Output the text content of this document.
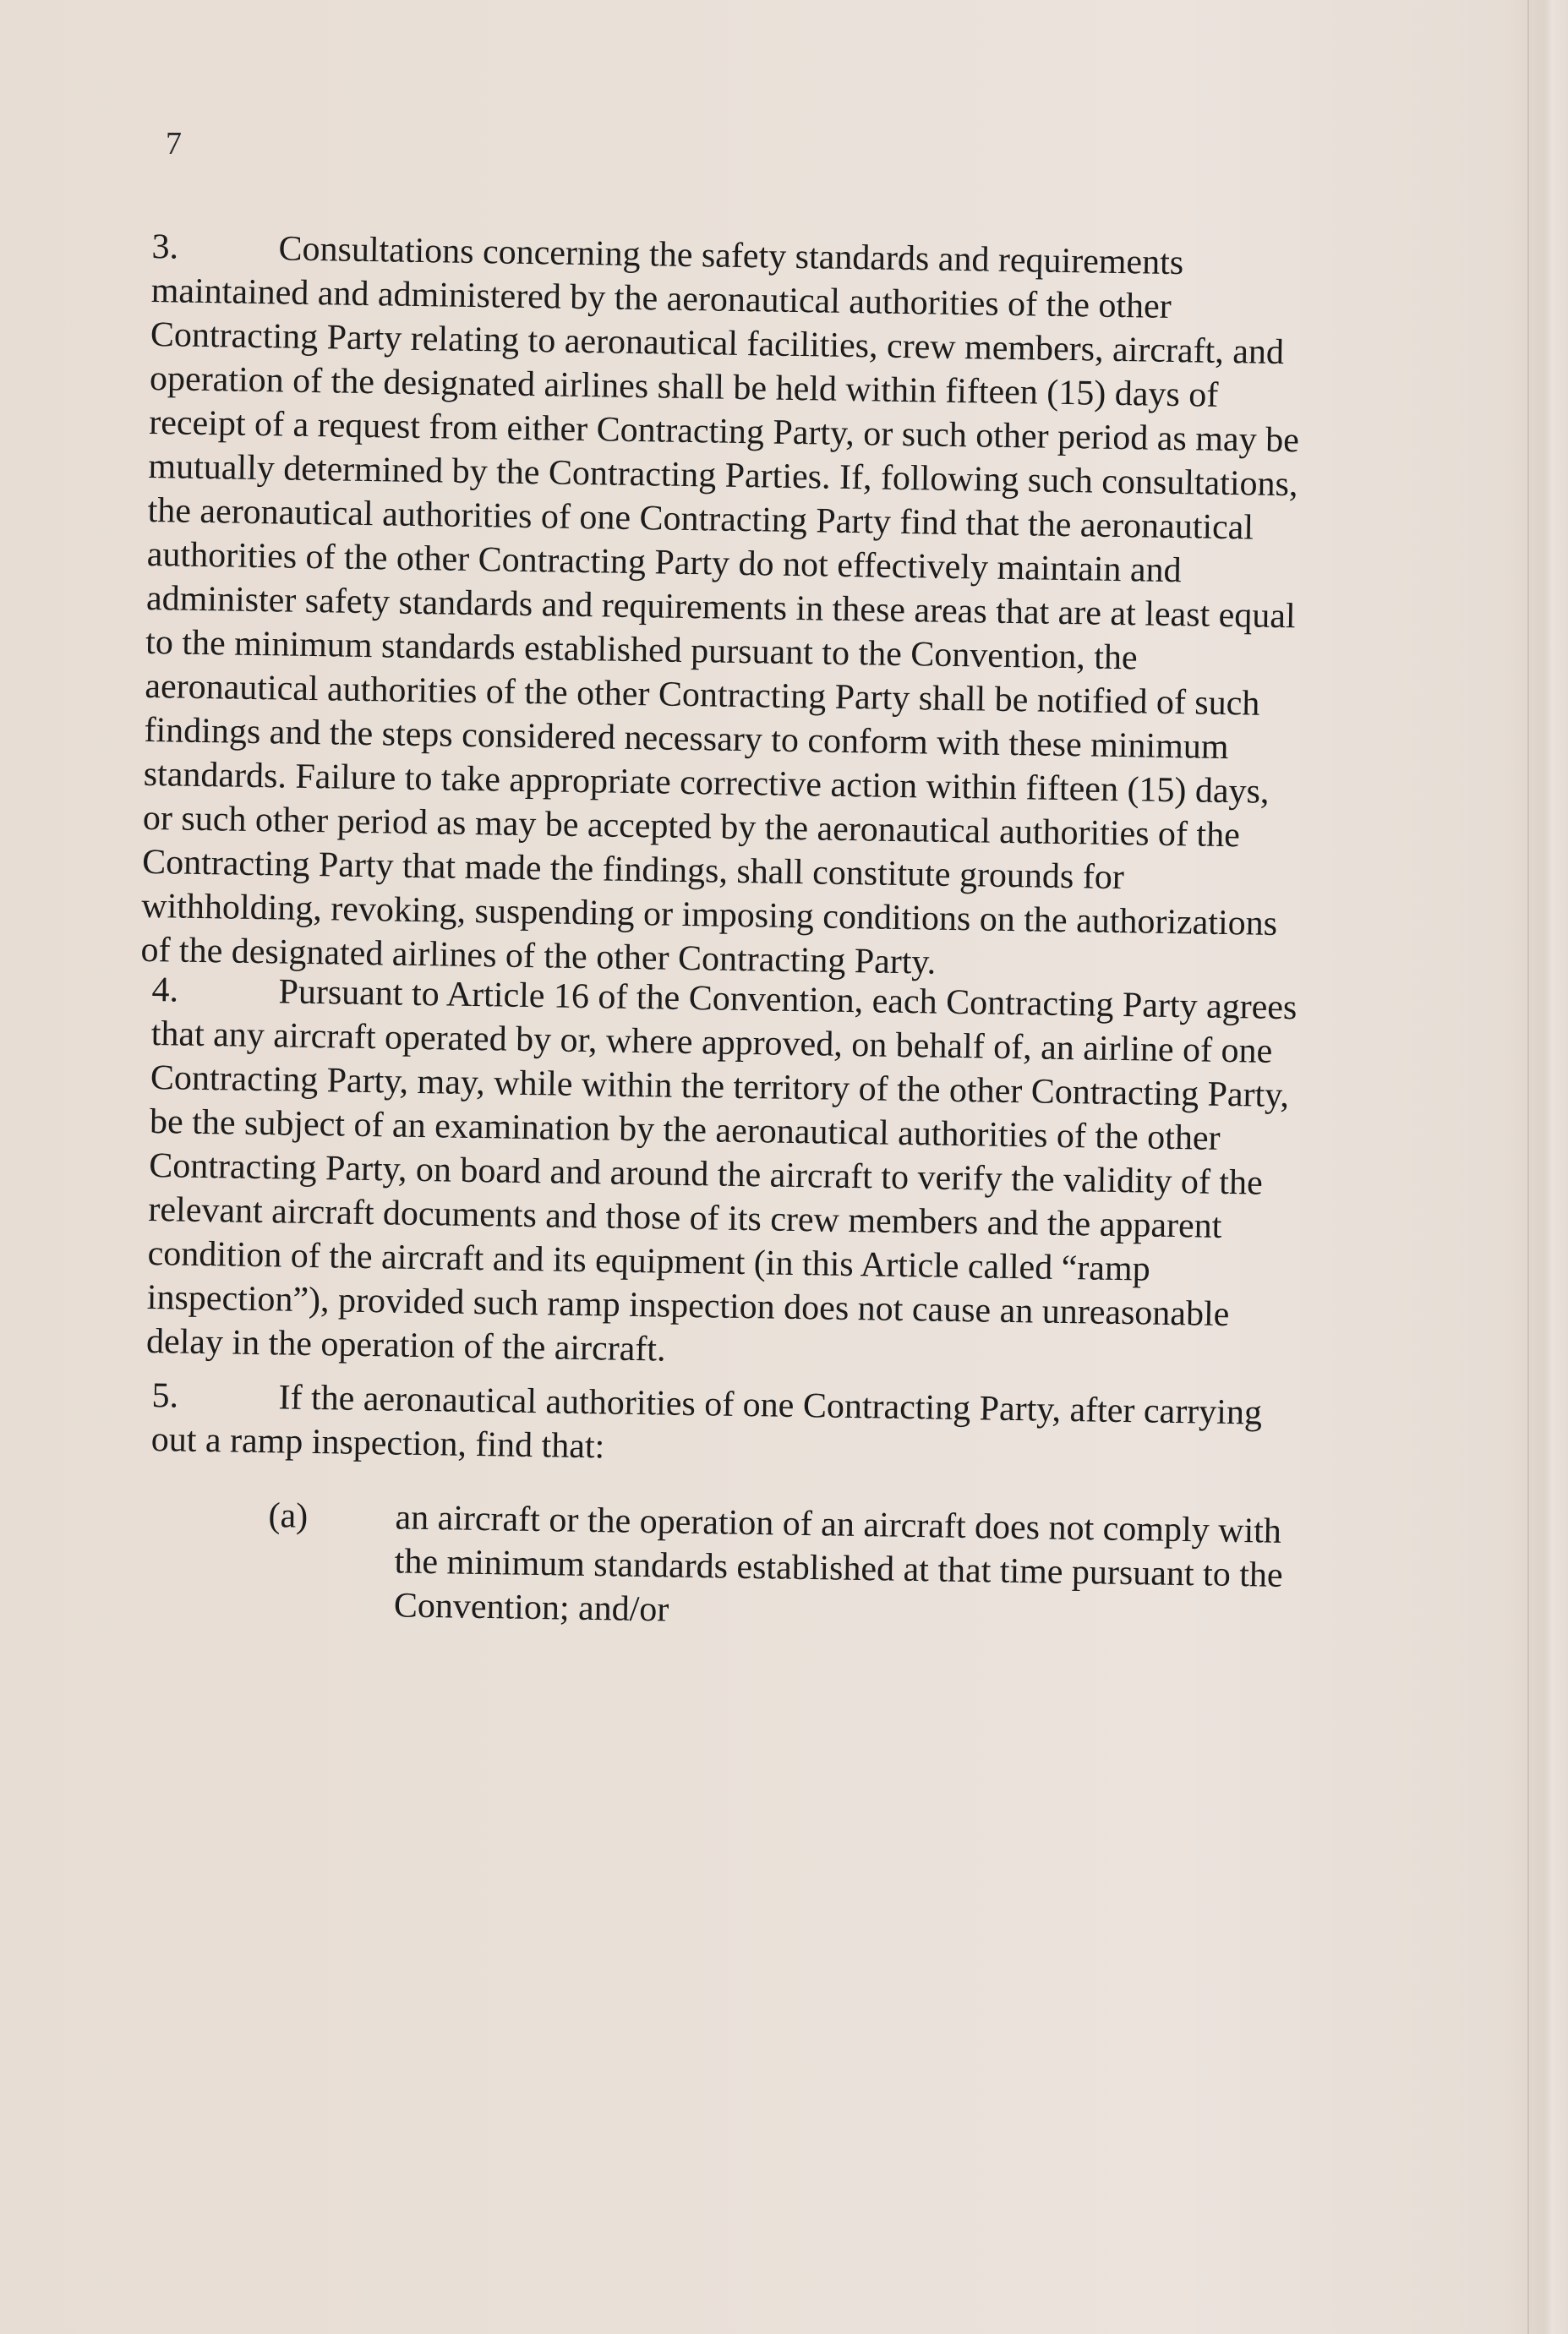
7
3.	Consultations concerning the safety standards and requirements maintained and administered by the aeronautical authorities of the other Contracting Party relating to aeronautical facilities, crew members, aircraft, and operation of the designated airlines shall be held within fifteen (15) days of receipt of a request from either Contracting Party, or such other period as may be mutually determined by the Contracting Parties. If, following such consultations, the aeronautical authorities of one Contracting Party find that the aeronautical authorities of the other Contracting Party do not effectively maintain and administer safety standards and requirements in these areas that are at least equal to the minimum standards established pursuant to the Convention, the aeronautical authorities of the other Contracting Party shall be notified of such findings and the steps considered necessary to conform with these minimum standards. Failure to take appropriate corrective action within fifteen (15) days, or such other period as may be accepted by the aeronautical authorities of the Contracting Party that made the findings, shall constitute grounds for withholding, revoking, suspending or imposing conditions on the authorizations of the designated airlines of the other Contracting Party.
4.	Pursuant to Article 16 of the Convention, each Contracting Party agrees that any aircraft operated by or, where approved, on behalf of, an airline of one Contracting Party, may, while within the territory of the other Contracting Party, be the subject of an examination by the aeronautical authorities of the other Contracting Party, on board and around the aircraft to verify the validity of the relevant aircraft documents and those of its crew members and the apparent condition of the aircraft and its equipment (in this Article called “ramp inspection”), provided such ramp inspection does not cause an unreasonable delay in the operation of the aircraft.
5.	If the aeronautical authorities of one Contracting Party, after carrying out a ramp inspection, find that:
(a)	an aircraft or the operation of an aircraft does not comply with the minimum standards established at that time pursuant to the Convention; and/or
